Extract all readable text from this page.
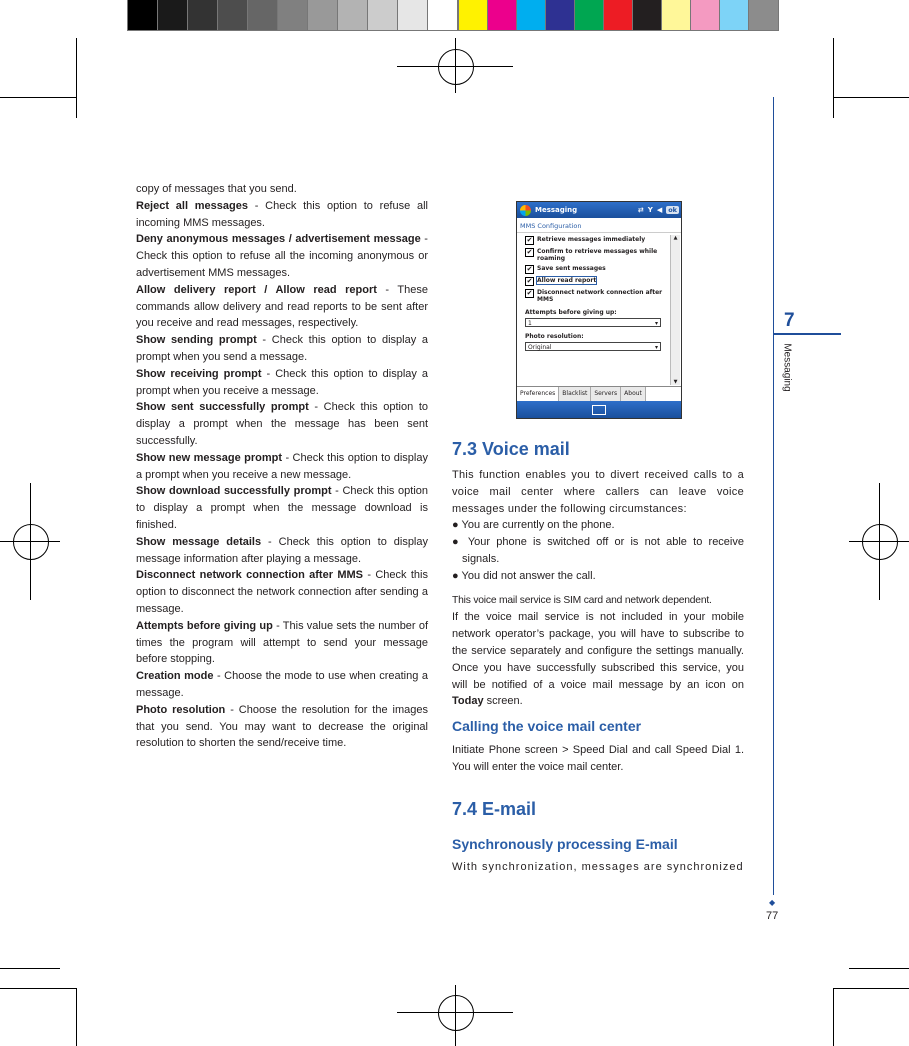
7
Messaging
◆
77

copy of messages that you send.

Reject all messages - Check this option to refuse all incoming MMS messages.

Deny anonymous messages / advertisement message - Check this option to refuse all the incoming anonymous or advertisement MMS messages.

Allow delivery report / Allow read report - These commands allow delivery and read reports to be sent after you receive and read messages, respectively.

Show sending prompt - Check this option to display a prompt when you send a message.

Show receiving prompt - Check this option to display a prompt when you receive a message.

Show sent successfully prompt - Check this option to display a prompt when the message has been sent successfully.

Show new message prompt - Check this option to display a prompt when you receive a new message.

Show download successfully prompt - Check this option to display a prompt when the message download is finished.

Show message details - Check this option to display message information after playing a message.

Disconnect network connection after MMS - Check this option to disconnect the network connection after sending a message.

Attempts before giving up - This value sets the number of times the program will attempt to send your message before stopping.

Creation mode - Choose the mode to use when creating a message.

Photo resolution - Choose the resolution for the images that you send. You may want to decrease the original resolution to shorten the send/receive time.

Messaging	⇄ Y ◀ ok
MMS Configuration
✔ Retrieve messages immediately
✔ Confirm to retrieve messages while roaming
✔ Save sent messages
✔ Allow read report
✔ Disconnect network connection after MMS
Attempts before giving up:
1	▾
Photo resolution:
Original	▾
▲
▼
Preferences	Blacklist	Servers	About
7.3 Voice mail

This function enables you to divert received calls to a voice mail center where callers can leave voice messages under the following circumstances:

● You are currently on the phone.

● Your phone is switched off or is not able to receive signals.

● You did not answer the call.

This voice mail service is SIM card and network dependent.

If the voice mail service is not included in your mobile network operator’s package, you will have to subscribe to the service separately and configure the settings manually. Once you have successfully subscribed this service, you will be notified of a voice mail message by an icon on Today screen.

Calling the voice mail center
Initiate Phone screen > Speed Dial and call Speed Dial 1. You will enter the voice mail center.
7.4 E-mail
Synchronously processing E-mail
With synchronization, messages are synchronized
